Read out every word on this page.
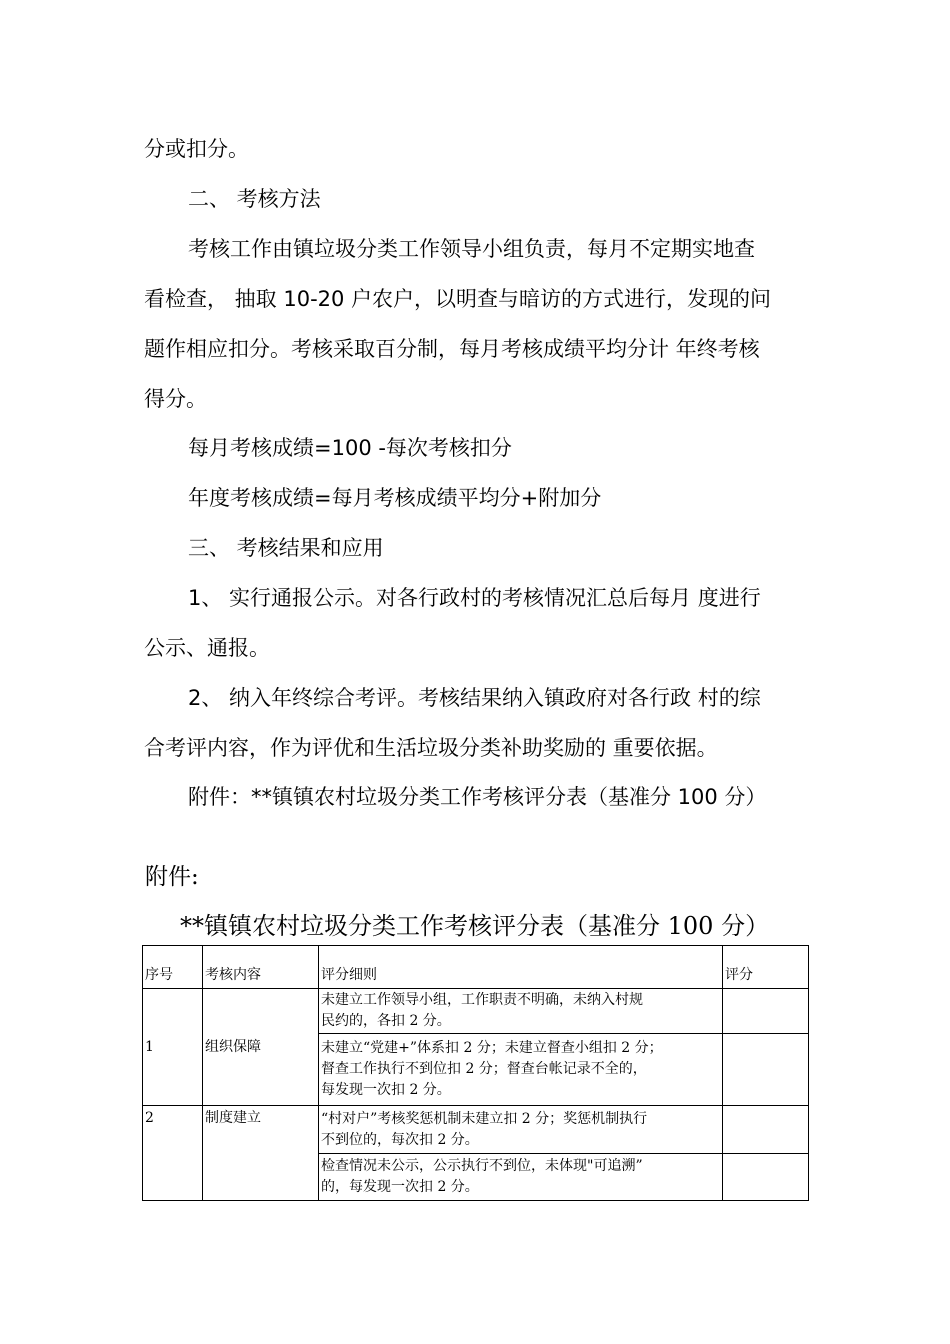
分或扣分。

二、 考核方法

考核工作由镇垃圾分类工作领导小组负责，每月不定期实地查

看检查， 抽取 10-20 户农户，以明查与暗访的方式进行，发现的问

题作相应扣分。考核采取百分制，每月考核成绩平均分计 年终考核

得分。

每月考核成绩=100 -每次考核扣分

年度考核成绩=每月考核成绩平均分+附加分

三、 考核结果和应用

1、 实行通报公示。对各行政村的考核情况汇总后每月 度进行

公示、通报。

2、 纳入年终综合考评。考核结果纳入镇政府对各行政 村的综

合考评内容，作为评优和生活垃圾分类补助奖励的 重要依据。

附件：**镇镇农村垃圾分类工作考核评分表（基准分 100 分）

附件:
**镇镇农村垃圾分类工作考核评分表（基准分 100 分）
序号	考核内容	评分细则	评分
1	组织保障	未建立工作领导小组，工作职责不明确，未纳入村规
民约的，各扣 2 分。	

		未建立“党建+”体系扣 2 分；未建立督查小组扣 2 分；
督查工作执行不到位扣 2 分；督查台帐记录不全的，
每发现一次扣 2 分。	

2	制度建立	“村对户”考核奖惩机制未建立扣 2 分；奖惩机制执行
不到位的，每次扣 2 分。	

		检查情况未公示，公示执行不到位，未体现"可追溯”
的，每发现一次扣 2 分。	
